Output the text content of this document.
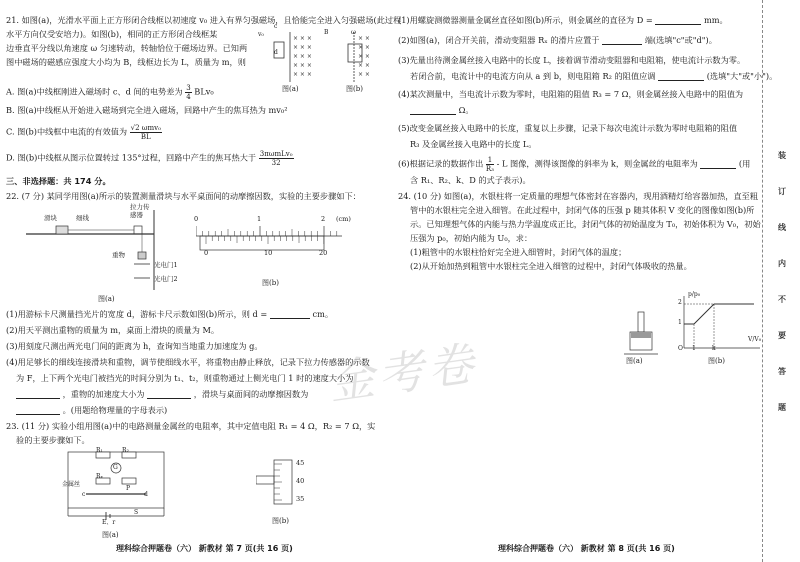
21. 如图(a)，光滑水平面上正方形闭合线框以初速度 v₀ 进入有界匀强磁场，且恰能完全进入匀强磁场(此过程
水平方向仅受安培力)。如图(b)，相同的正方形闭合线框某
边垂直平分线以角速度 ω 匀速转动，转轴恰位于磁场边界。已知两
图中磁场的磁感应强度大小均为 B，线框边长为 L，质量为 m，则
× × ×
× × ×
× × ×
× × ×
× × ×
× ×
× ×
× ×
× ×
× ×
c
d
v₀	B	ω
图(a)	图(b)
A. 图(a)中线框刚进入磁场时 c、d 间的电势差为 $\frac{3}{4} BLv_0$
B. 图(a)中线框从开始进入磁场到完全进入磁场，回路中产生的焦耳热为 mv₀²
C. 图(b)中线框中电流的有效值为 $\frac{\text{√2 ωmv₀}}{BL}$
D. 图(b)中线框从图示位置转过 135°过程，回路中产生的焦耳热大于 $\frac{\text{3πωmLv₀}}{32}$
三、非选择题：共 174 分。
22. (7 分) 某同学用图(a)所示的装置测量滑块与水平桌面间的动摩擦因数，实验的主要步骤如下：
滑块	细线
拉力传
感器
重物
光电门1
光电门2
图(a)
1	2 (cm)
0
0	10	20
图(b)
(1)用游标卡尺测量挡光片的宽度 d，游标卡尺示数如图(b)所示，则 d =	cm。
(2)用天平测出重物的质量为 m，桌面上滑块的质量为 M。
(3)用刻度尺测出两光电门间的距离为 h，查询知当地重力加速度为 g。
(4)用足够长的细线连接滑块和重物，调节使细线水平，将重物由静止释放，记录下拉力传感器的示数
为 F，上下两个光电门被挡光的时间分别为 t₁、t₂，则重物通过上侧光电门 1 时的速度大小为
，重物的加速度大小为	，滑块与桌面间的动摩擦因数为
。(用题给物理量的字母表示)
23. (11 分) 实验小组用图(a)中的电路测量金属丝的电阻率，其中定值电阻 R₁ = 4 Ω，R₂ = 7 Ω，实
验的主要步骤如下。
R₁	R₂
G
Rₓ
金属丝
c	d
P
S
E、r
图(a)
45
40
35
图(b)
理科综合押题卷（六） 新教材 第 7 页(共 16 页)
(1)用螺旋测微器测量金属丝直径如图(b)所示，则金属丝的直径为 D =	mm。
(2)如图(a)，闭合开关前，滑动变阻器 Rₓ 的滑片应置于	端(选填"c"或"d")。
(3)先量出待测金属丝接入电路中的长度 L，接着调节滑动变阻器和电阻箱，使电流计示数为零。
若闭合前，电流计中的电流方向从 a 到 b，则电阻箱 R₂ 的阻值应调	(选填"大"或"小")。
(4)某次测量中，当电流计示数为零时，电阻箱的阻值 R₃ = 7 Ω，则金属丝接入电路中的阻值为
Ω。
(5)改变金属丝接入电路中的长度，重复以上步骤，记录下每次电流计示数为零时电阻箱的阻值
R₃ 及金属丝接入电路中的长度 L。
(6)根据记录的数据作出 $\frac{1}{\text{R₃}}$ - L 图像，测得该图像的斜率为 k，则金属丝的电阻率为	(用
含 R₁、R₂、k、D 的式子表示)。
24. (10 分) 如图(a)，水银柱将一定质量的理想气体密封在容器内，现用酒精灯给容器加热，直至粗
管中的水银柱完全进入细管。在此过程中，封闭气体的压强 p 随其体积 V 变化的图像如图(b)所
示。已知理想气体的内能与热力学温度成正比，封闭气体的初始温度为 T₀，初始体积为 V₀，初始
压强为 p₀，初始内能为 U₀，求：
(1)粗管中的水银柱恰好完全进入细管时，封闭气体的温度；
(2)从开始加热到粗管中水银柱完全进入细管的过程中，封闭气体吸收的热量。
图(a)
p/p₀
V/V₀
2
1
O 1	k
图(b)
理科综合押题卷（六） 新教材 第 8 页(共 16 页)
金考卷
装
订
线
内
不
要
答
题
